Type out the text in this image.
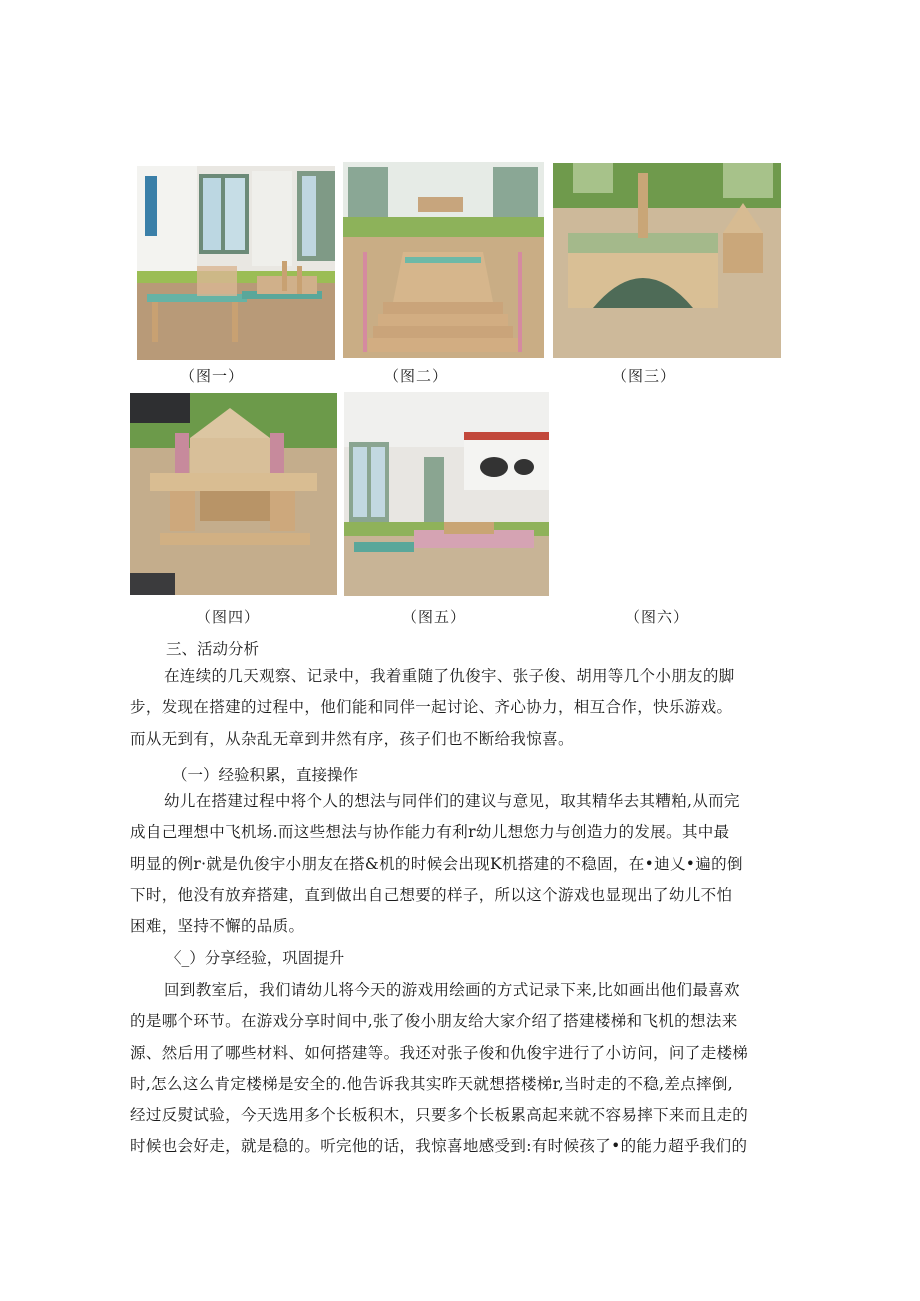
（图一）	（图二）	（图三）
（图四）	（图五）	（图六）
三、活动分析
在连续的几天观察、记录中，我着重随了仇俊宇、张子俊、胡用等几个小朋友的脚
步，发现在搭建的过程中，他们能和同伴一起讨论、齐心协力，相互合作，快乐游戏。
而从无到有，从杂乱无章到井然有序，孩子们也不断给我惊喜。
（一）经验积累，直接操作
幼儿在搭建过程中将个人的想法与同伴们的建议与意见，取其精华去其糟粕,从而完
成自己理想中飞机场.而这些想法与协作能力有利r幼儿想您力与创造力的发展。其中最
明显的例r·就是仇俊宇小朋友在搭&机的时候会出现K机搭建的不稳固，在•迪乂•遍的倒
下时，他没有放弃搭建，直到做出自己想要的样子，所以这个游戏也显现出了幼儿不怕
困难，坚持不懈的品质。
〈_）分享经验，巩固提升
回到教室后，我们请幼儿将今天的游戏用绘画的方式记录下来,比如画出他们最喜欢
的是哪个环节。在游戏分享时间中,张了俊小朋友给大家介绍了搭建楼梯和飞机的想法来
源、然后用了哪些材料、如何搭建等。我还对张子俊和仇俊宇进行了小访问，问了走楼梯
时,怎么这么肯定楼梯是安全的.他告诉我其实昨天就想搭楼梯r,当时走的不稳,差点摔倒,
经过反熨试验，今天选用多个长板积木，只要多个长板累高起来就不容易摔下来而且走的
时候也会好走，就是稳的。听完他的话，我惊喜地感受到:有时候孩了•的能力超乎我们的
